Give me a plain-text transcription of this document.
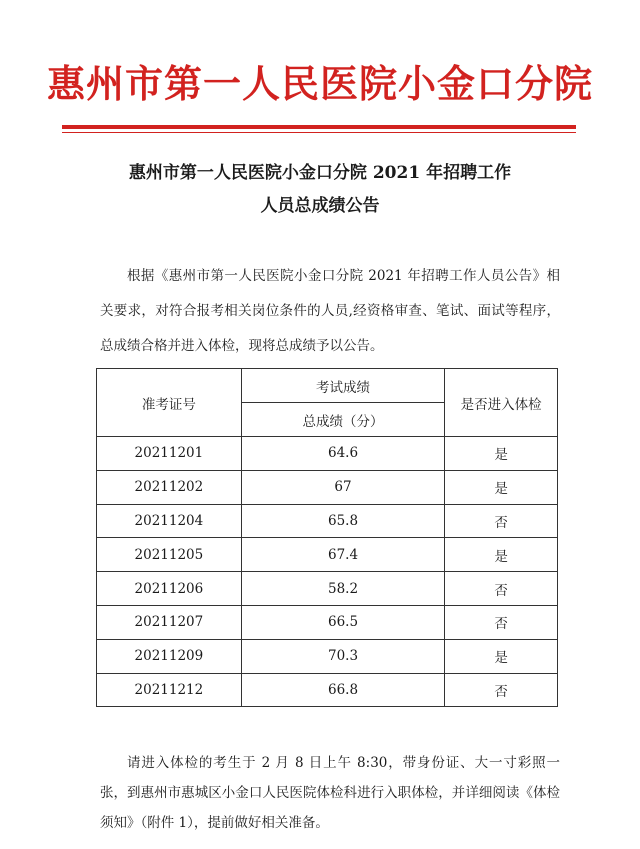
惠州市第一人民医院小金口分院
惠州市第一人民医院小金口分院 2021 年招聘工作
人员总成绩公告
根据《惠州市第一人民医院小金口分院 2021 年招聘工作人员公告》相关要求，对符合报考相关岗位条件的人员,经资格审查、笔试、面试等程序，总成绩合格并进入体检，现将总成绩予以公告。
准考证号	考试成绩	是否进入体检
	总成绩（分）	
20211201	64.6	是
20211202	67	是
20211204	65.8	否
20211205	67.4	是
20211206	58.2	否
20211207	66.5	否
20211209	70.3	是
20211212	66.8	否
请进入体检的考生于 2 月 8 日上午 8:30，带身份证、大一寸彩照一张，到惠州市惠城区小金口人民医院体检科进行入职体检，并详细阅读《体检须知》（附件 1），提前做好相关准备。
